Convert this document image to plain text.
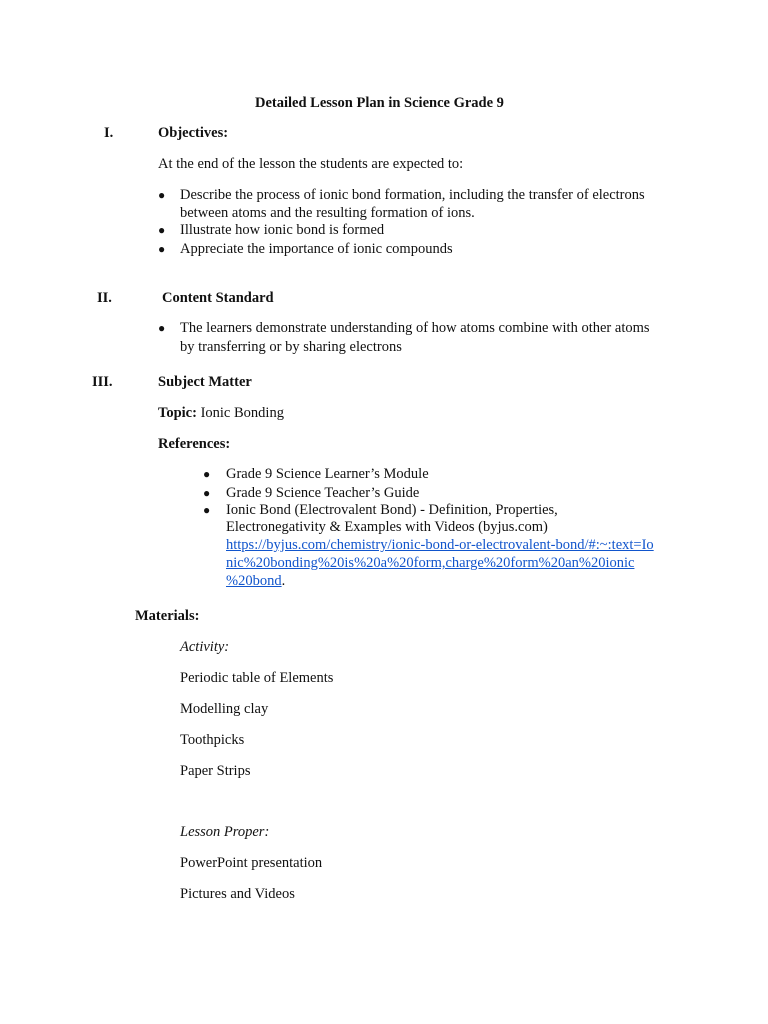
Detailed Lesson Plan in Science Grade 9
I.	Objectives:
At the end of the lesson the students are expected to:
● Describe the process of ionic bond formation, including the transfer of electrons
between atoms and the resulting formation of ions.
● Illustrate how ionic bond is formed
● Appreciate the importance of ionic compounds
II.	Content Standard
● The learners demonstrate understanding of how atoms combine with other atoms
by transferring or by sharing electrons
III.	Subject Matter
Topic: Ionic Bonding
References:
● Grade 9 Science Learner’s Module
● Grade 9 Science Teacher’s Guide
● Ionic Bond (Electrovalent Bond) - Definition, Properties,
Electronegativity & Examples with Videos (byjus.com)
https://byjus.com/chemistry/ionic-bond-or-electrovalent-bond/#:~:text=Io
nic%20bonding%20is%20a%20form,charge%20form%20an%20ionic
%20bond.
Materials:
Activity:
Periodic table of Elements
Modelling clay
Toothpicks
Paper Strips
Lesson Proper:
PowerPoint presentation
Pictures and Videos
